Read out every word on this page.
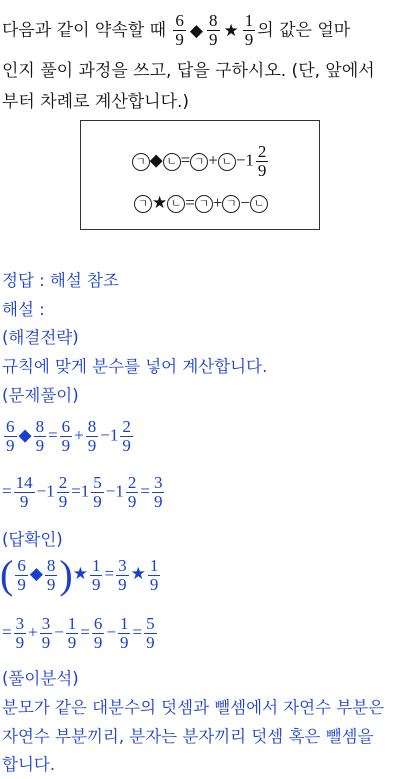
다음과 같이 약속할 때 $\frac{6}{9}$ ◆ $\frac{8}{9}$ ★ $\frac{1}{9}$ 의 값은 얼마
인지 풀이 과정을 쓰고, 답을 구하시오. (단, 앞에서
부터 차례로 계산합니다.)
ㄱ ◆ ㄴ = ㄱ + ㄴ $-1 \frac{2}{9}$
ㄱ ★ ㄴ = ㄱ + ㄱ − ㄴ
정답 : 해설 참조
해설 :
(해결전략)
규칙에 맞게 분수를 넣어 계산합니다.
(문제풀이)
$\frac{6}{9}$ ◆ $\frac{8}{9} = \frac{6}{9} + \frac{8}{9} -1 \frac{2}{9}$
= $\frac{14}{9} -1 \frac{2}{9} =1 \frac{5}{9} -1 \frac{2}{9} = \frac{3}{9}$
(답확인)
( $\frac{6}{9}$ ◆ $\frac{8}{9}$ )★ $\frac{1}{9} = \frac{3}{9}$ ★ $\frac{1}{9}$
= $\frac{3}{9} + \frac{3}{9} - \frac{1}{9} = \frac{6}{9} - \frac{1}{9} = \frac{5}{9}$
(풀이분석)
분모가 같은 대분수의 덧셈과 뺄셈에서 자연수 부분은
자연수 부분끼리, 분자는 분자끼리 덧셈 혹은 뺄셈을
합니다.
